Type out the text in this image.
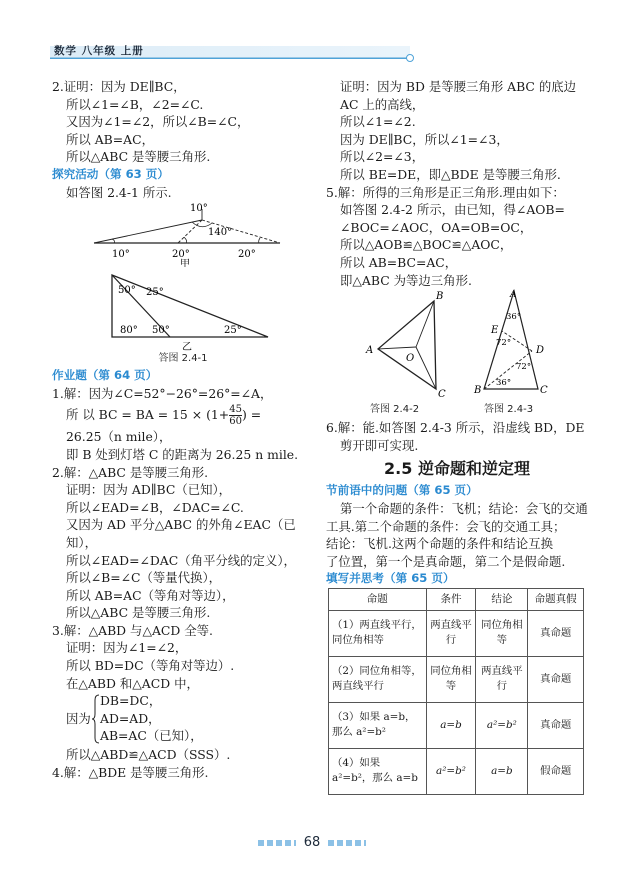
数学 八年级 上册
2.证明：因为 DE∥BC，
所以∠1=∠B，∠2=∠C.
又因为∠1=∠2，所以∠B=∠C，
所以 AB=AC，
所以△ABC 是等腰三角形.
探究活动（第 63 页）
如答图 2.4-1 所示.
10°
140°
10°	20°	20°
甲
50° 25°
80° 50°	25°
乙
答图 2.4-1
作业题（第 64 页）
1.解：因为∠C=52°−26°=26°=∠A，
所 以 BC = BA = $15 \times (1+ \frac{45}{60})$ =
26.25（n mile），
即 B 处到灯塔 C 的距离为 26.25 n mile.
2.解：△ABC 是等腰三角形.
证明：因为 AD∥BC（已知），
所以∠EAD=∠B，∠DAC=∠C.
又因为 AD 平分△ABC 的外角∠EAC（已
知），
所以∠EAD=∠DAC（角平分线的定义），
所以∠B=∠C（等量代换），
所以 AB=AC（等角对等边），
所以△ABC 是等腰三角形.
3.解：△ABD 与△ACD 全等.
证明：因为∠1=∠2，
所以 BD=DC（等角对等边）.
在△ABD 和△ACD 中，
因为
DB=DC，
AD=AD，
AB=AC（已知），
所以△ABD≌△ACD（SSS）.
4.解：△BDE 是等腰三角形.
证明：因为 BD 是等腰三角形 ABC 的底边
AC 上的高线，
所以∠1=∠2.
因为 DE∥BC，所以∠1=∠3，
所以∠2=∠3，
所以 BE=DE，即△BDE 是等腰三角形.
5.解：所得的三角形是正三角形.理由如下：
如答图 2.4-2 所示，由已知，得∠AOB=
∠BOC=∠AOC，OA=OB=OC，
所以△AOB≌△BOC≌△AOC，
所以 AB=BC=AC，
即△ABC 为等边三角形.
A
B
C
O
A
B	C
D
E
36°
72°
72°
36°
答图 2.4-2	答图 2.4-3
6.解：能.如答图 2.4-3 所示，沿虚线 BD，DE
剪开即可实现.
2.5 逆命题和逆定理
节前语中的问题（第 65 页）
第一个命题的条件：飞机；结论：会飞的交通
工具.第二个命题的条件：会飞的交通工具；
结论：飞机.这两个命题的条件和结论互换
了位置，第一个是真命题，第二个是假命题.
填写并思考（第 65 页）
命题	条件	结论	命题真假
（1）两直线平行，同位角相等	两直线平行	同位角相等	真命题
（2）同位角相等，两直线平行	同位角相等	两直线平行	真命题
（3）如果 a=b，那么 a²=b²	a=b	a²=b²	真命题
（4）如果 a²=b²，那么 a=b	a²=b²	a=b	假命题
68
